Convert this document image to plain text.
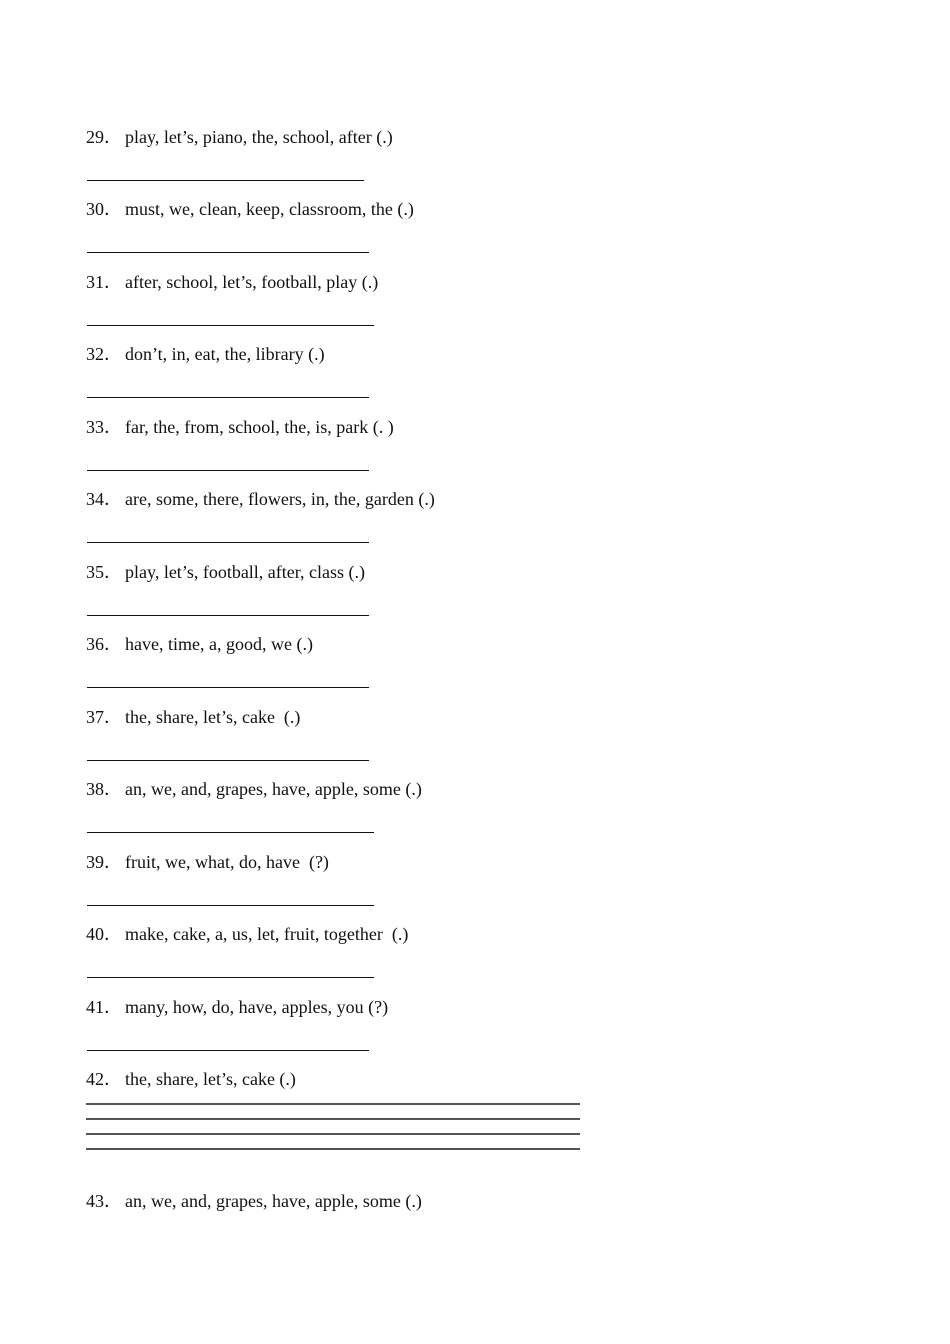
29． play, let’s, piano, the, school, after (.)
30． must, we, clean, keep, classroom, the (.)
31． after, school, let’s, football, play (.)
32． don’t, in, eat, the, library (.)
33． far, the, from, school, the, is, park (. )
34． are, some, there, flowers, in, the, garden (.)
35． play, let’s, football, after, class (.)
36． have, time, a, good, we (.)
37． the, share, let’s, cake  (.)
38． an, we, and, grapes, have, apple, some (.)
39． fruit, we, what, do, have  (?)
40． make, cake, a, us, let, fruit, together  (.)
41． many, how, do, have, apples, you (?)
42． the, share, let’s, cake (.)
43． an, we, and, grapes, have, apple, some (.)
